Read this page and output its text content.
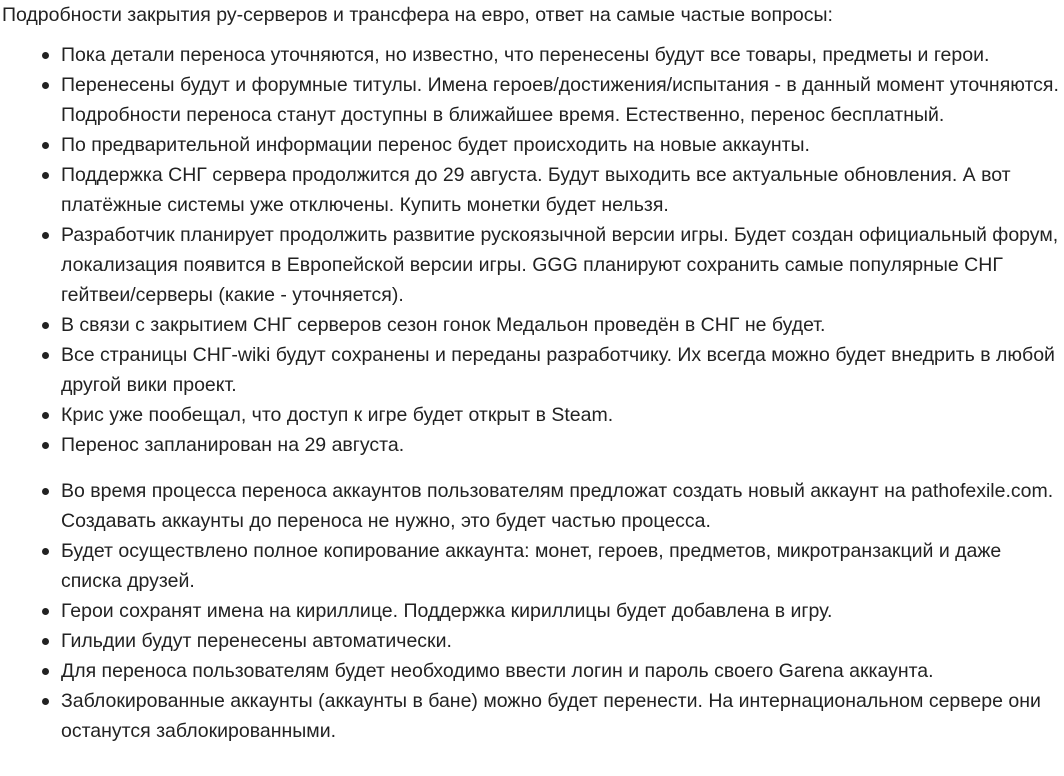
Подробности закрытия ру-серверов и трансфера на евро, ответ на самые частые вопросы:

Пока детали переноса уточняются, но известно, что перенесены будут все товары, предметы и герои.
Перенесены будут и форумные титулы. Имена героев/достижения/испытания - в данный момент уточняются. Подробности переноса станут доступны в ближайшее время. Естественно, перенос бесплатный.
По предварительной информации перенос будет происходить на новые аккаунты.
Поддержка СНГ сервера продолжится до 29 августа. Будут выходить все актуальные обновления. А вот платёжные системы уже отключены. Купить монетки будет нельзя.
Разработчик планирует продолжить развитие рускоязычной версии игры. Будет создан официальный форум, локализация появится в Европейской версии игры. GGG планируют сохранить самые популярные СНГ гейтвеи/серверы (какие - уточняется).
В связи с закрытием СНГ серверов сезон гонок Медальон проведён в СНГ не будет.
Все страницы СНГ-wiki будут сохранены и переданы разработчику. Их всегда можно будет внедрить в любой другой вики проект.
Крис уже пообещал, что доступ к игре будет открыт в Steam.
Перенос запланирован на 29 августа.
Во время процесса переноса аккаунтов пользователям предложат создать новый аккаунт на pathofexile.com. Создавать аккаунты до переноса не нужно, это будет частью процесса.
Будет осуществлено полное копирование аккаунта: монет, героев, предметов, микротранзакций и даже списка друзей.
Герои сохранят имена на кириллице. Поддержка кириллицы будет добавлена в игру.
Гильдии будут перенесены автоматически.
Для переноса пользователям будет необходимо ввести логин и пароль своего Garena аккаунта.
Заблокированные аккаунты (аккаунты в бане) можно будет перенести. На интернациональном сервере они останутся заблокированными.
